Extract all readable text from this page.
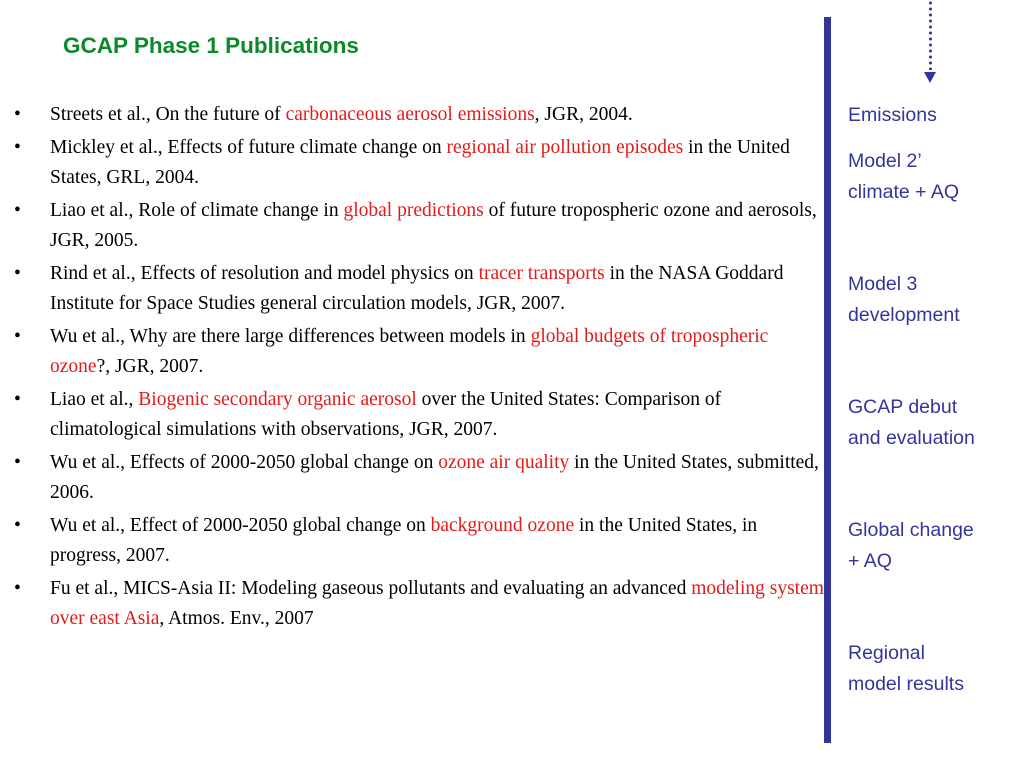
GCAP Phase 1 Publications
• Streets et al., On the future of carbonaceous aerosol emissions, JGR, 2004.
• Mickley et al., Effects of future climate change on regional air pollution episodes in the United States, GRL, 2004.
• Liao et al., Role of climate change in global predictions of future tropospheric ozone and aerosols, JGR, 2005.
• Rind et al., Effects of resolution and model physics on tracer transports in the NASA Goddard Institute for Space Studies general circulation models, JGR, 2007.
• Wu et al., Why are there large differences between models in global budgets of tropospheric ozone?, JGR, 2007.
• Liao et al., Biogenic secondary organic aerosol over the United States: Comparison of climatological simulations with observations, JGR, 2007.
• Wu et al., Effects of 2000-2050 global change on ozone air quality in the United States, submitted, 2006.
• Wu et al., Effect of 2000-2050 global change on background ozone in the United States, in progress, 2007.
• Fu et al., MICS-Asia II: Modeling gaseous pollutants and evaluating an advanced modeling system over east Asia, Atmos. Env., 2007
Emissions
Model 2’
climate + AQ
Model 3
development
GCAP debut
and evaluation
Global change
+ AQ
Regional
model results
